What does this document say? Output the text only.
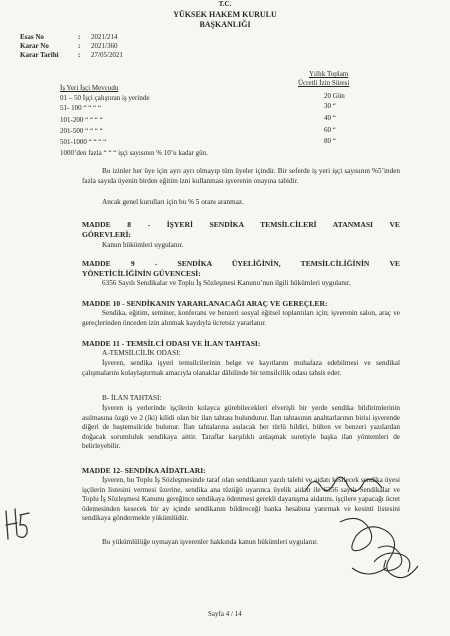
T.C.
YÜKSEK HAKEM KURULU
BAŞKANLIĞI
Esas No	: 2021/214
Karar No	: 2021/360
Karar Tarihi	: 27/05/2021
Yıllık Toplam
Ücretli İzin Süresi
İş Yeri İşçi Mevcudu
01 – 50 İşçi çalıştıran iş yerinde	20 Gün
51- 100 “ “ “ “	30 “
101-200 “ “ “ “	40 “
201-500 “ “ “ “	60 “
501-1000 “ “ “ “	80 “
1000’den fazla “ “ “ işçi sayısının % 10’u kadar gün.
Bu izinler her üye için ayrı ayrı olmayıp tüm üyeler içindir. Bir seferde iş yeri işçi sayısının %5’inden fazla sayıda üyenin birden eğitim izni kullanması işverenin onayına tabidir.
Ancak genel kurulları için bu % 5 oranı aranmaz.
MADDE 8 - İŞYERİ SENDİKA TEMSİLCİLERİ ATANMASI VE
GÖREVLERİ:
Kanun hükümleri uygulanır.
MADDE 9 - SENDİKA ÜYELİĞİNİN, TEMSİLCİLİĞİNİN VE
YÖNETİCİLİĞİNİN GÜVENCESİ:
6356 Sayılı Sendikalar ve Toplu İş Sözleşmesi Kanunu’nun ilgili hükümleri uygulanır.
MADDE 10 - SENDİKANIN YARARLANACAĞI ARAÇ VE GEREÇLER:
Sendika, eğitim, seminer, konferans ve benzeri sosyal eğitsel toplantıları için; işverenin salon, araç ve gereçlerinden önceden izin alınmak kaydıyla ücretsiz yararlanır.
MADDE 11 - TEMSİLCİ ODASI VE İLAN TAHTASI:
A-TEMSİLCİLİK ODASI:
İşveren, sendika işyeri temsilcilerinin belge ve kayıtlarını muhafaza edebilmesi ve sendikal çalışmalarını kolaylaştırmak amacıyla olanaklar dâhilinde bir temsilcilik odası tahsis eder.
B- İLAN TAHTASI:
İşveren iş yerlerinde işçilerin kolayca görebilecekleri elverişli bir yerde sendika bildirimlerinin asılmasına özgü ve 2 (iki) kilidi olan bir ilan tahtası bulundurur. İlan tahtasının anahtarlarının birisi işverende diğeri de baştemsilcide bulunur. İlan tahtalarına asılacak her türlü bildiri, bülten ve benzeri yazılardan doğacak sorumluluk sendikaya aittir. Taraflar karşılıklı anlaşmak suretiyle başka ilan yöntemleri de belirleyebilir.
MADDE 12- SENDİKA AİDATLARI:
İşveren, bu Toplu İş Sözleşmesinde taraf olan sendikanın yazılı talebi ve aidatı kesilecek sendika üyesi işçilerin listesini vermesi üzerine, sendika ana tüzüğü uyarınca üyelik aidatı ile 6356 sayılı Sendikalar ve Toplu İş Sözleşmesi Kanunu gereğince sendikaya ödenmesi gerekli dayanışma aidatını, işçilere yapacağı ücret ödemesinden kesecek bir ay içinde sendikanın bildireceği banka hesabına yatırmak ve kesinti listesini sendikaya göndermekle yükümlüdür.
Bu yükümlülüğe uymayan işverenler hakkında kanun hükümleri uygulanır.
Sayfa 4 / 14
